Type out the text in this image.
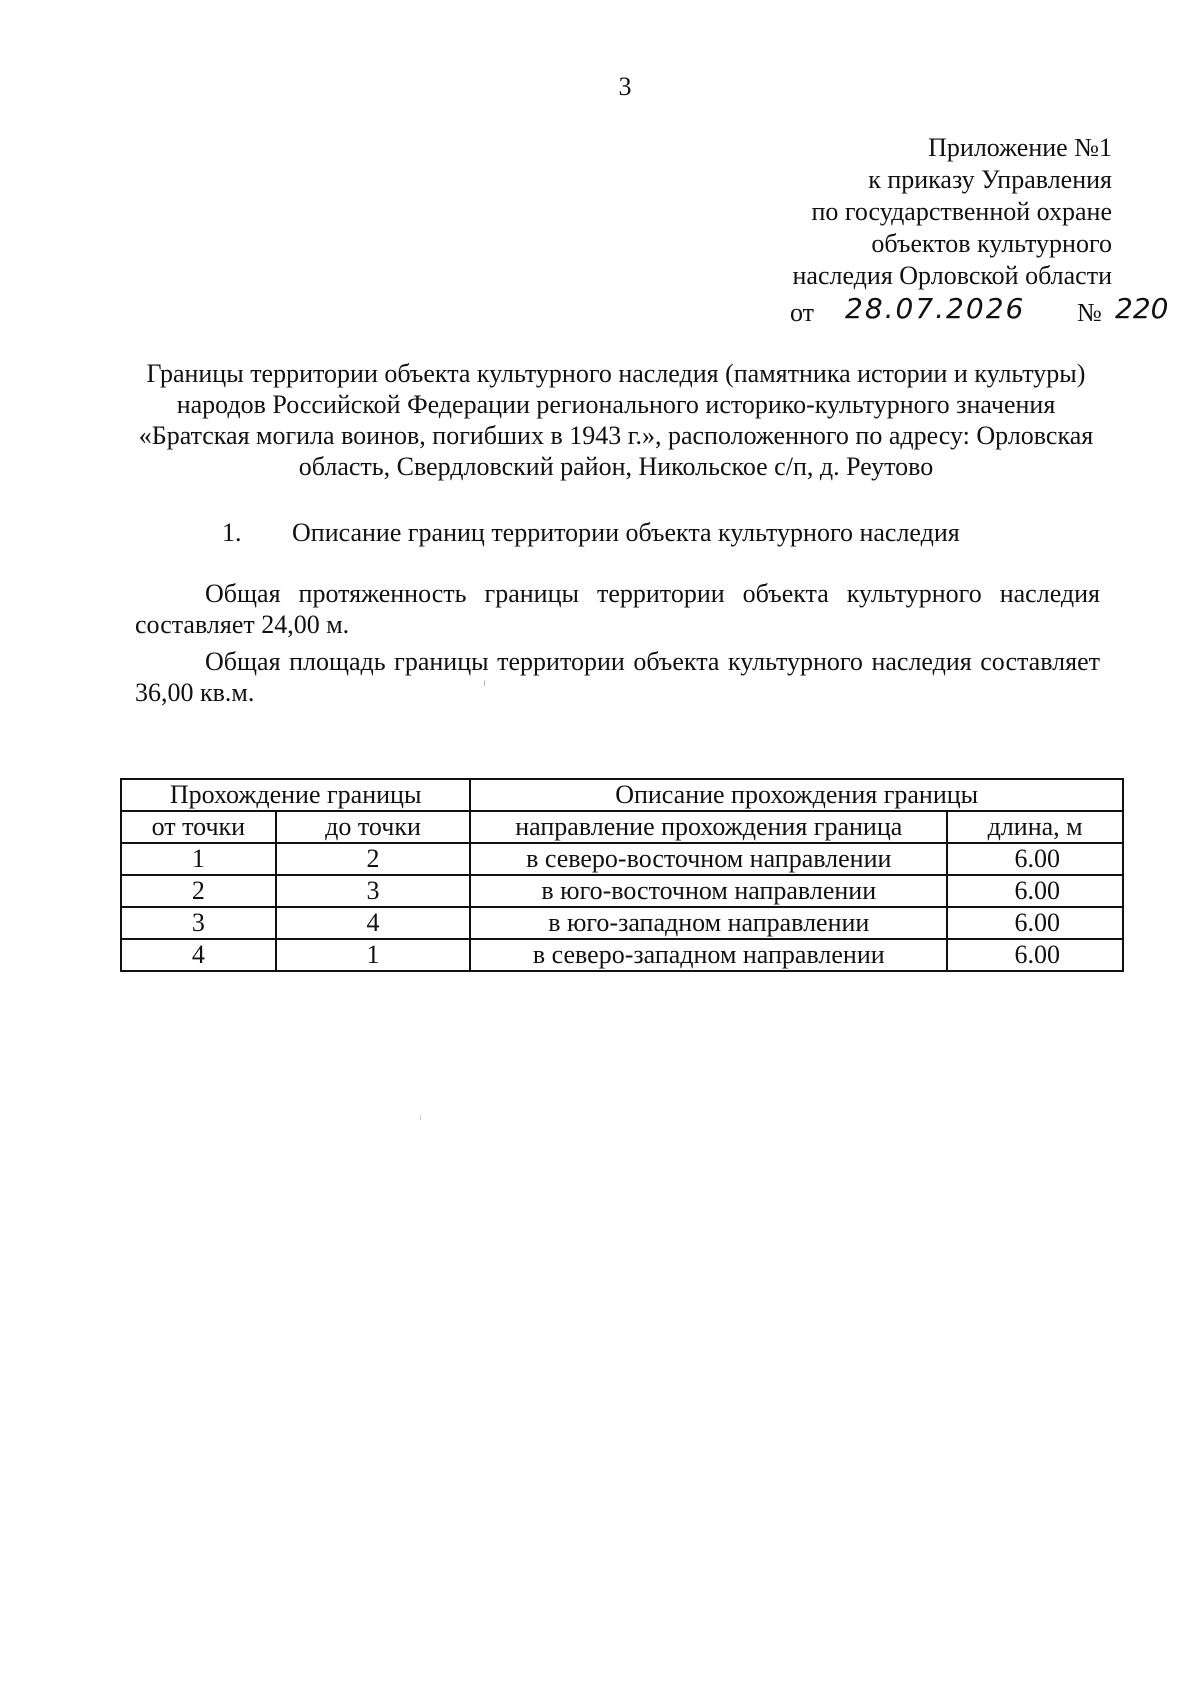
3
Приложение №1
к приказу Управления
по государственной охране
объектов культурного
наследия Орловской области
от 28.07.2026 № 220
Границы территории объекта культурного наследия (памятника истории и культуры) народов Российской Федерации регионального историко-культурного значения «Братская могила воинов, погибших в 1943 г.», расположенного по адресу: Орловская область, Свердловский район, Никольское с/п, д. Реутово
1. Описание границ территории объекта культурного наследия
Общая протяженность границы территории объекта культурного наследия составляет 24,00 м.
Общая площадь границы территории объекта культурного наследия составляет 36,00 кв.м.
Прохождение границы		Описание прохождения границы	
от точки	до точки	направление прохождения граница	длина, м
1	2	в северо-восточном направлении	6.00
2	3	в юго-восточном направлении	6.00
3	4	в юго-западном направлении	6.00
4	1	в северо-западном направлении	6.00
